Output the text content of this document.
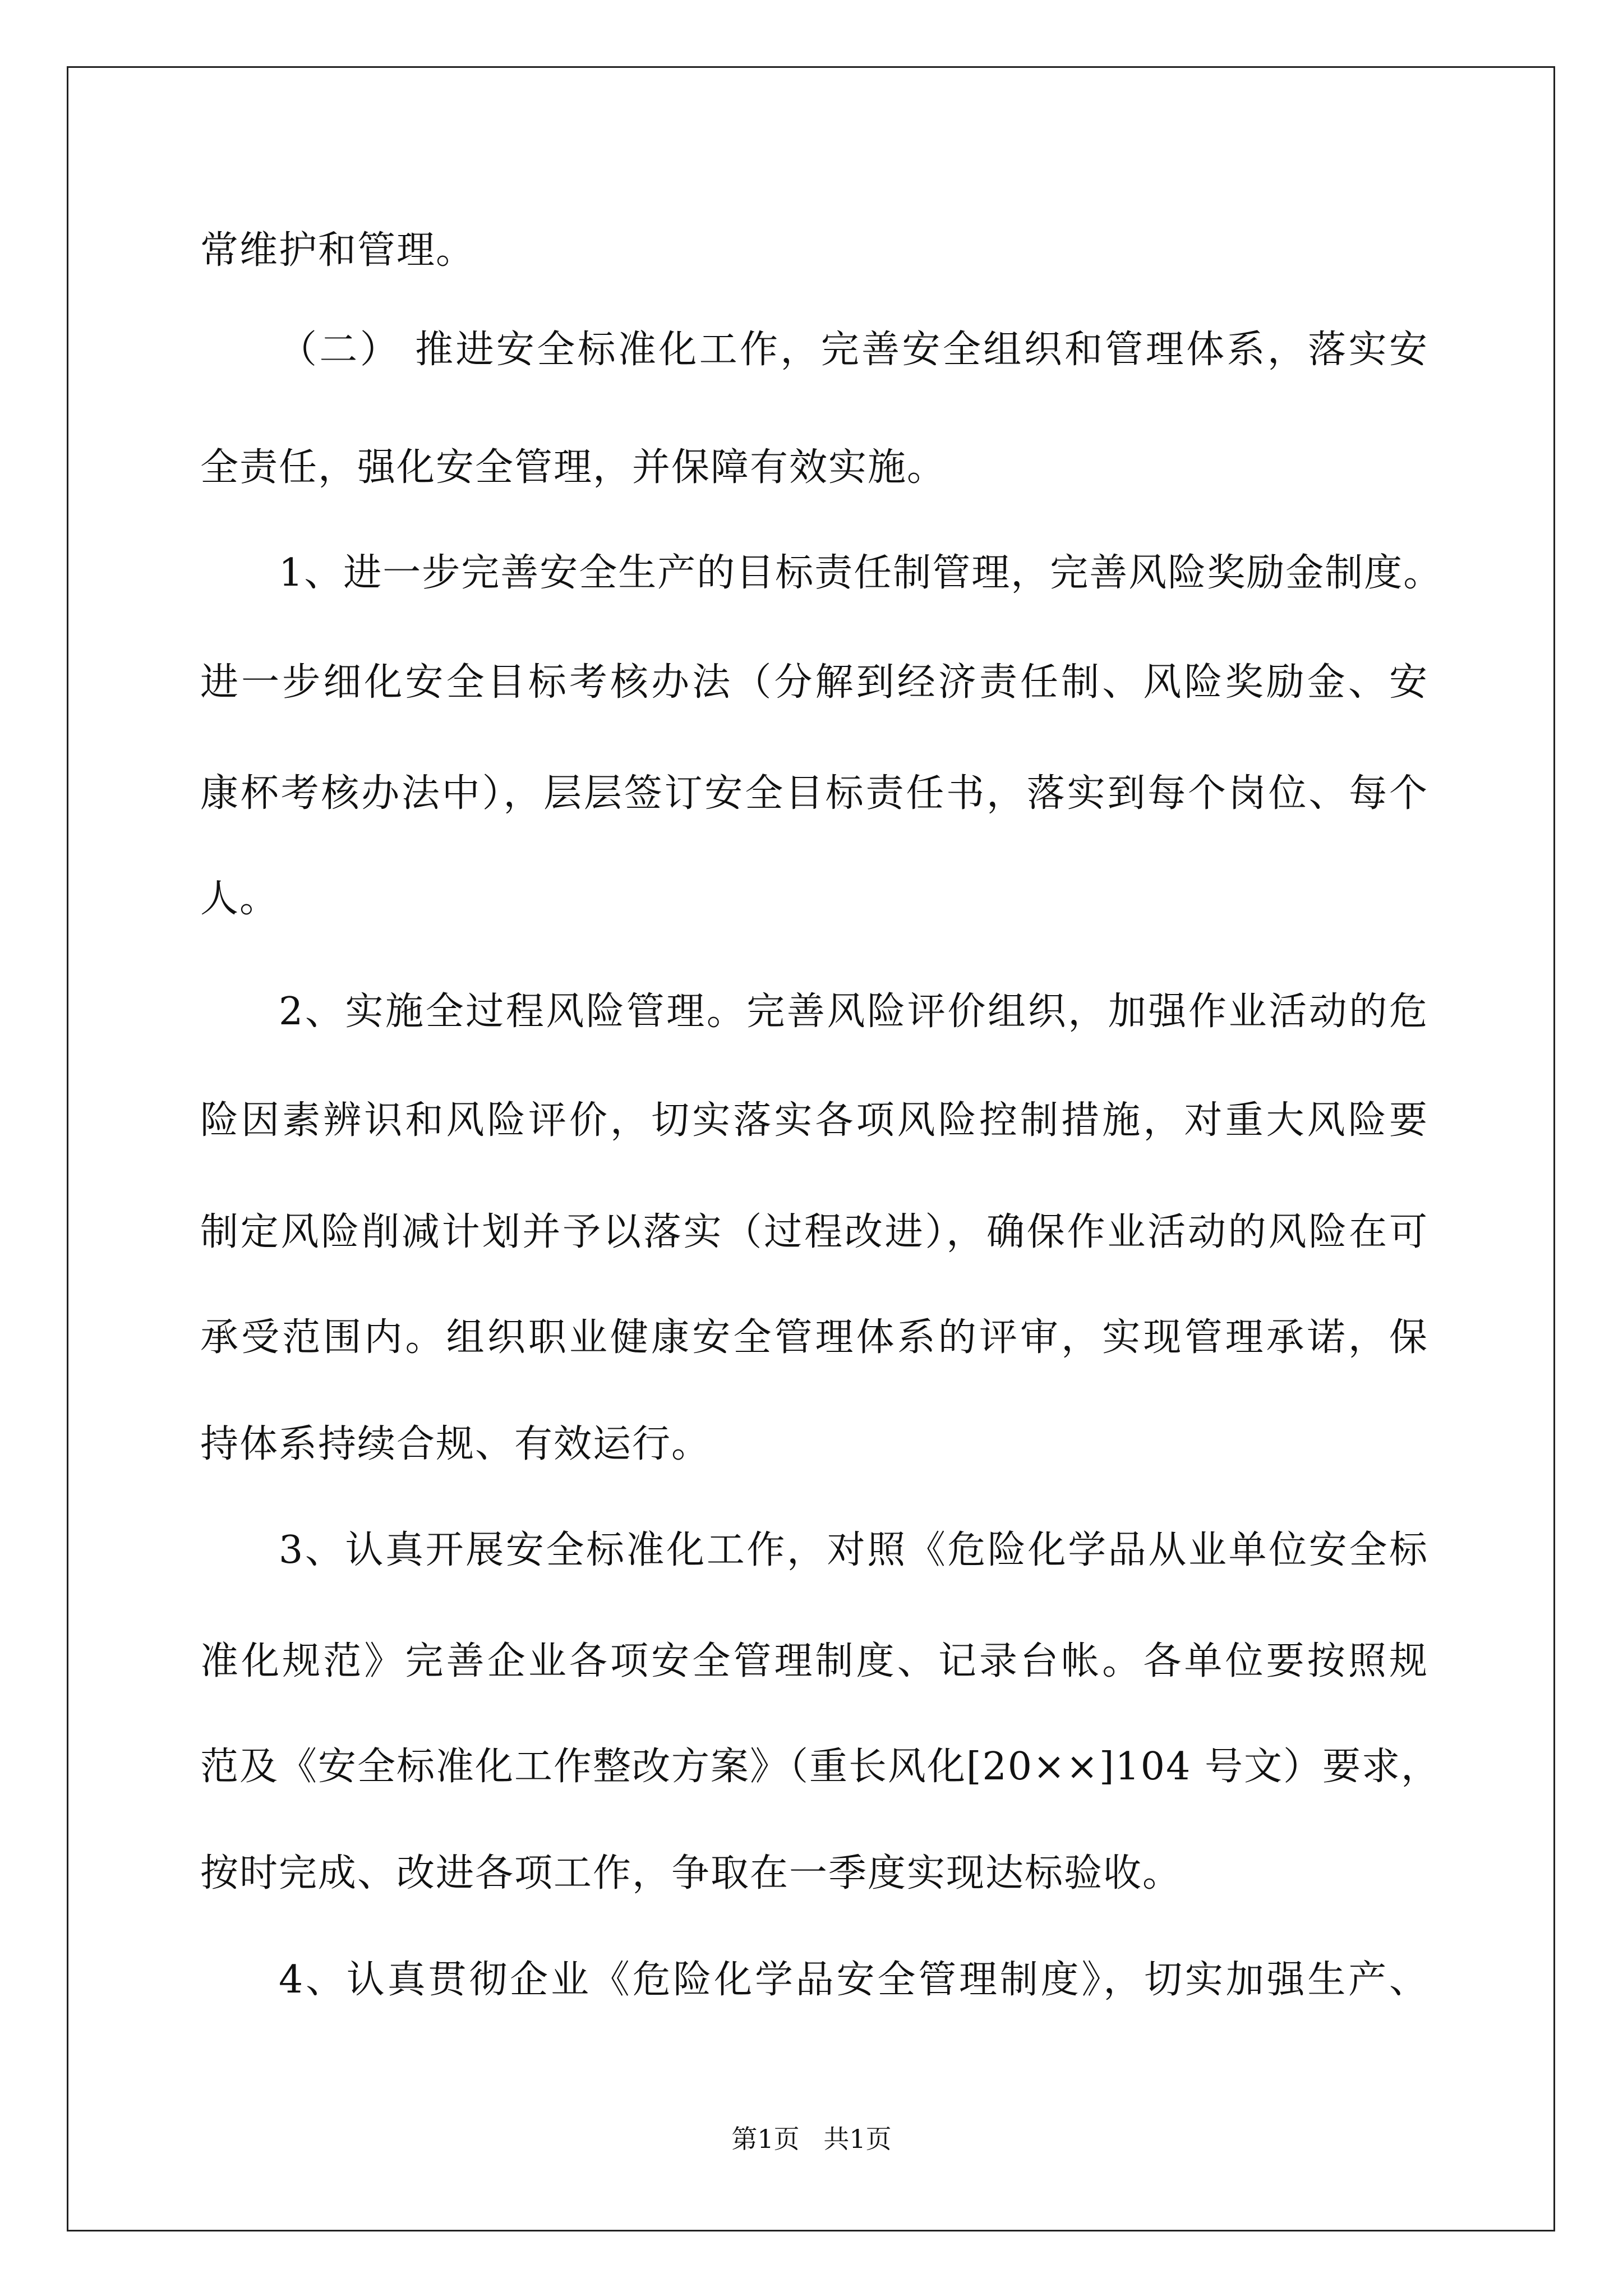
常维护和管理。
（二） 推进安全标准化工作，完善安全组织和管理体系，落实安
全责任，强化安全管理，并保障有效实施。
1、进一步完善安全生产的目标责任制管理，完善风险奖励金制度。
进一步细化安全目标考核办法（分解到经济责任制、风险奖励金、安
康杯考核办法中），层层签订安全目标责任书，落实到每个岗位、每个
人。
2、实施全过程风险管理。完善风险评价组织，加强作业活动的危
险因素辨识和风险评价，切实落实各项风险控制措施，对重大风险要
制定风险削减计划并予以落实（过程改进），确保作业活动的风险在可
承受范围内。组织职业健康安全管理体系的评审，实现管理承诺，保
持体系持续合规、有效运行。
3、认真开展安全标准化工作，对照《危险化学品从业单位安全标
准化规范》完善企业各项安全管理制度、记录台帐。各单位要按照规
范及《安全标准化工作整改方案》（重长风化[20××]104 号文）要求，
按时完成、改进各项工作，争取在一季度实现达标验收。
4、认真贯彻企业《危险化学品安全管理制度》，切实加强生产、
第1页 共1页
